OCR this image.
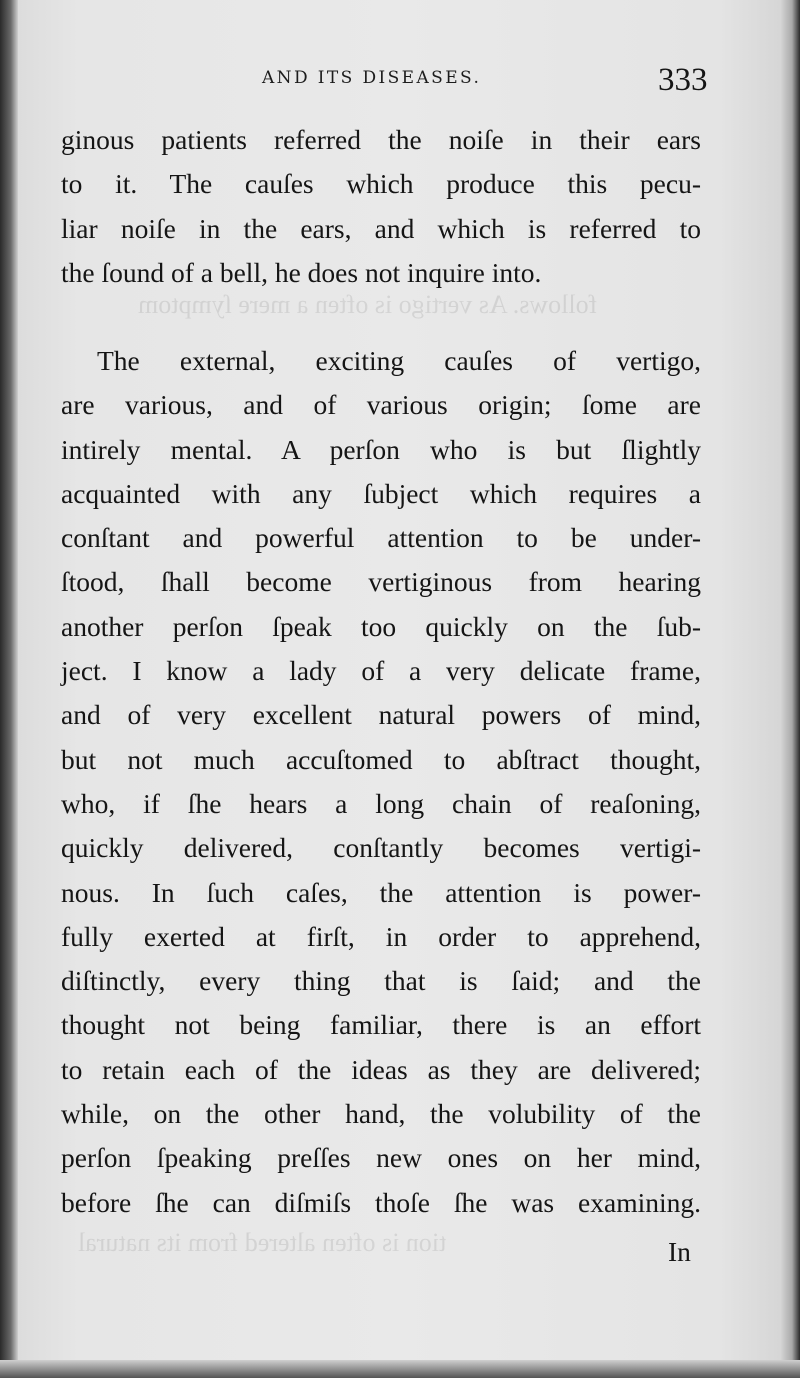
follows. As vertigo is often a mere ſymptom
tion is often altered from its natural
AND ITS DISEASES.	333
ginous patients referred the noiſe in their ears
to it. The cauſes which produce this pecu-
liar noiſe in the ears, and which is referred to
the ſound of a bell, he does not inquire into.
The external, exciting cauſes of vertigo,
are various, and of various origin; ſome are
intirely mental. A perſon who is but ſlightly
acquainted with any ſubject which requires a
conſtant and powerful attention to be under-
ſtood, ſhall become vertiginous from hearing
another perſon ſpeak too quickly on the ſub-
ject. I know a lady of a very delicate frame,
and of very excellent natural powers of mind,
but not much accuſtomed to abſtract thought,
who, if ſhe hears a long chain of reaſoning,
quickly delivered, conſtantly becomes vertigi-
nous. In ſuch caſes, the attention is power-
fully exerted at firſt, in order to apprehend,
diſtinctly, every thing that is ſaid; and the
thought not being familiar, there is an effort
to retain each of the ideas as they are delivered;
while, on the other hand, the volubility of the
perſon ſpeaking preſſes new ones on her mind,
before ſhe can diſmiſs thoſe ſhe was examining.
In
